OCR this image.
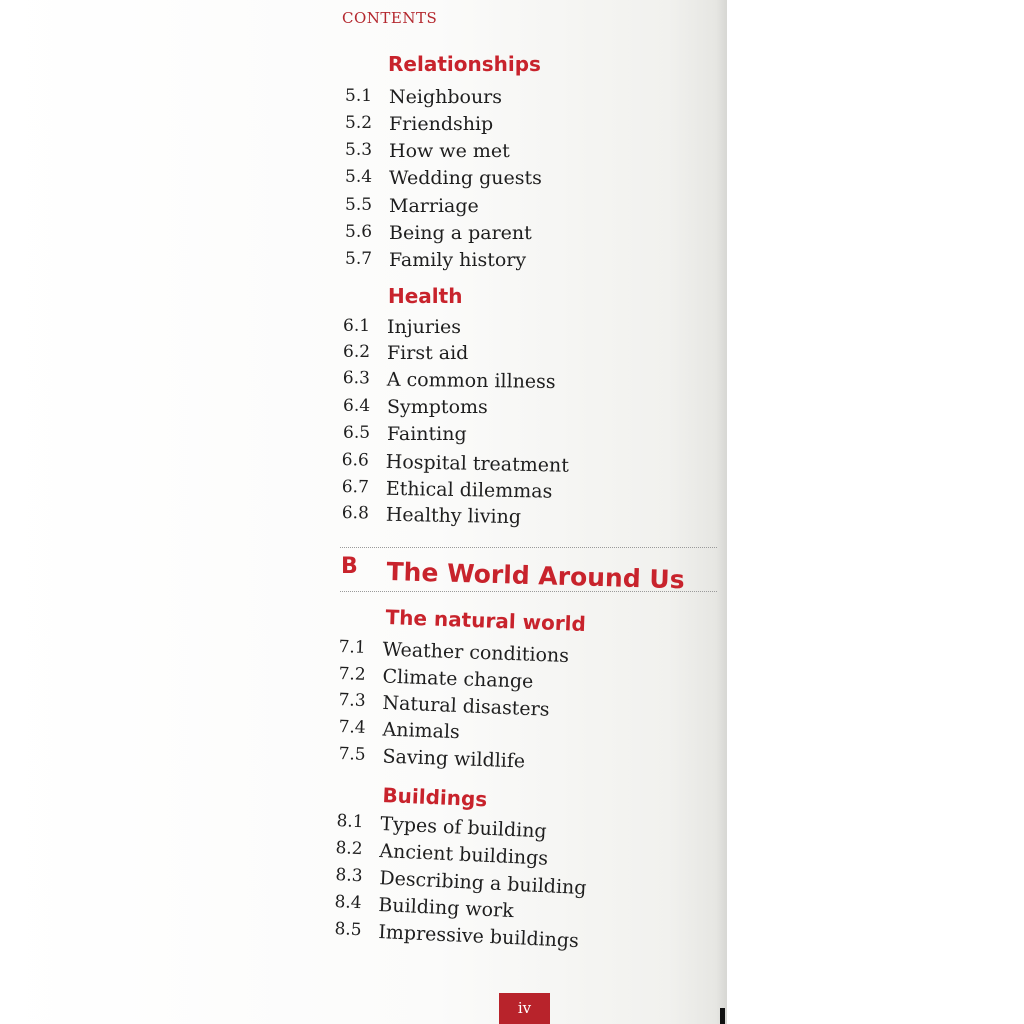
CONTENTS
Relationships
5.1 Neighbours
5.2 Friendship
5.3 How we met
5.4 Wedding guests
5.5 Marriage
5.6 Being a parent
5.7 Family history
Health
6.1 Injuries
6.2 First aid
6.3 A common illness
6.4 Symptoms
6.5 Fainting
6.6 Hospital treatment
6.7 Ethical dilemmas
6.8 Healthy living
B The World Around Us
The natural world
7.1 Weather conditions
7.2 Climate change
7.3 Natural disasters
7.4 Animals
7.5 Saving wildlife
Buildings
8.1 Types of building
8.2 Ancient buildings
8.3 Describing a building
8.4 Building work
8.5 Impressive buildings
iv
